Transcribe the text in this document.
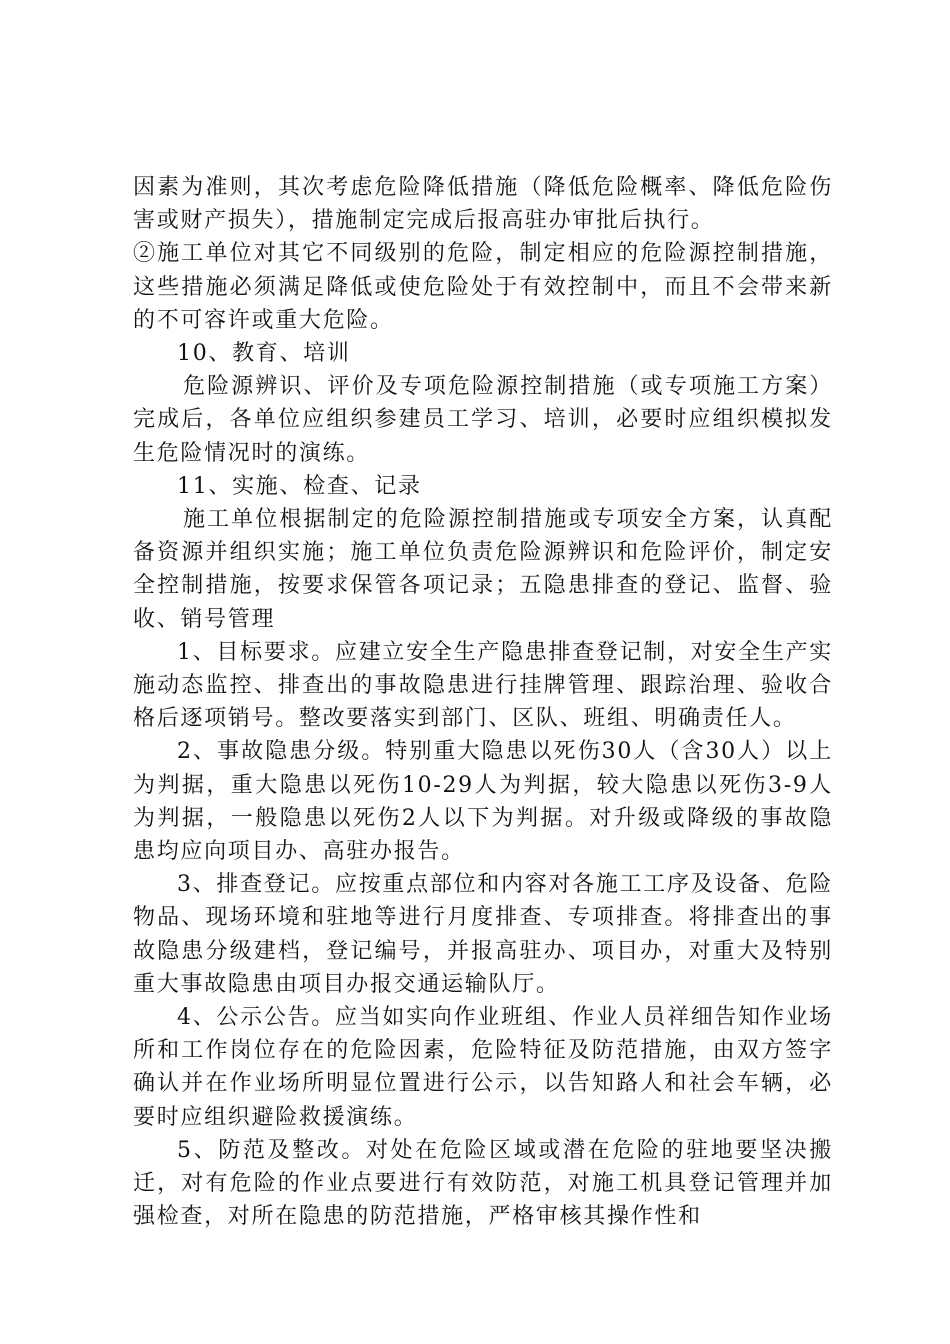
因素为准则，其次考虑危险降低措施（降低危险概率、降低危险伤害或财产损失），措施制定完成后报高驻办审批后执行。

②施工单位对其它不同级别的危险，制定相应的危险源控制措施，这些措施必须满足降低或使危险处于有效控制中，而且不会带来新的不可容许或重大危险。

10、教育、培训

危险源辨识、评价及专项危险源控制措施（或专项施工方案）完成后，各单位应组织参建员工学习、培训，必要时应组织模拟发生危险情况时的演练。

11、实施、检查、记录

施工单位根据制定的危险源控制措施或专项安全方案，认真配备资源并组织实施；施工单位负责危险源辨识和危险评价，制定安全控制措施，按要求保管各项记录；五隐患排查的登记、监督、验收、销号管理

1、目标要求。应建立安全生产隐患排查登记制，对安全生产实施动态监控、排查出的事故隐患进行挂牌管理、跟踪治理、验收合格后逐项销号。整改要落实到部门、区队、班组、明确责任人。

2、事故隐患分级。特别重大隐患以死伤30人（含30人）以上为判据，重大隐患以死伤10-29人为判据，较大隐患以死伤3-9人为判据，一般隐患以死伤2人以下为判据。对升级或降级的事故隐患均应向项目办、高驻办报告。

3、排查登记。应按重点部位和内容对各施工工序及设备、危险物品、现场环境和驻地等进行月度排查、专项排查。将排查出的事故隐患分级建档，登记编号，并报高驻办、项目办，对重大及特别重大事故隐患由项目办报交通运输队厅。

4、公示公告。应当如实向作业班组、作业人员祥细告知作业场所和工作岗位存在的危险因素，危险特征及防范措施，由双方签字确认并在作业场所明显位置进行公示，以告知路人和社会车辆，必要时应组织避险救援演练。

5、防范及整改。对处在危险区域或潜在危险的驻地要坚决搬迁，对有危险的作业点要进行有效防范，对施工机具登记管理并加强检查，对所在隐患的防范措施，严格审核其操作性和
